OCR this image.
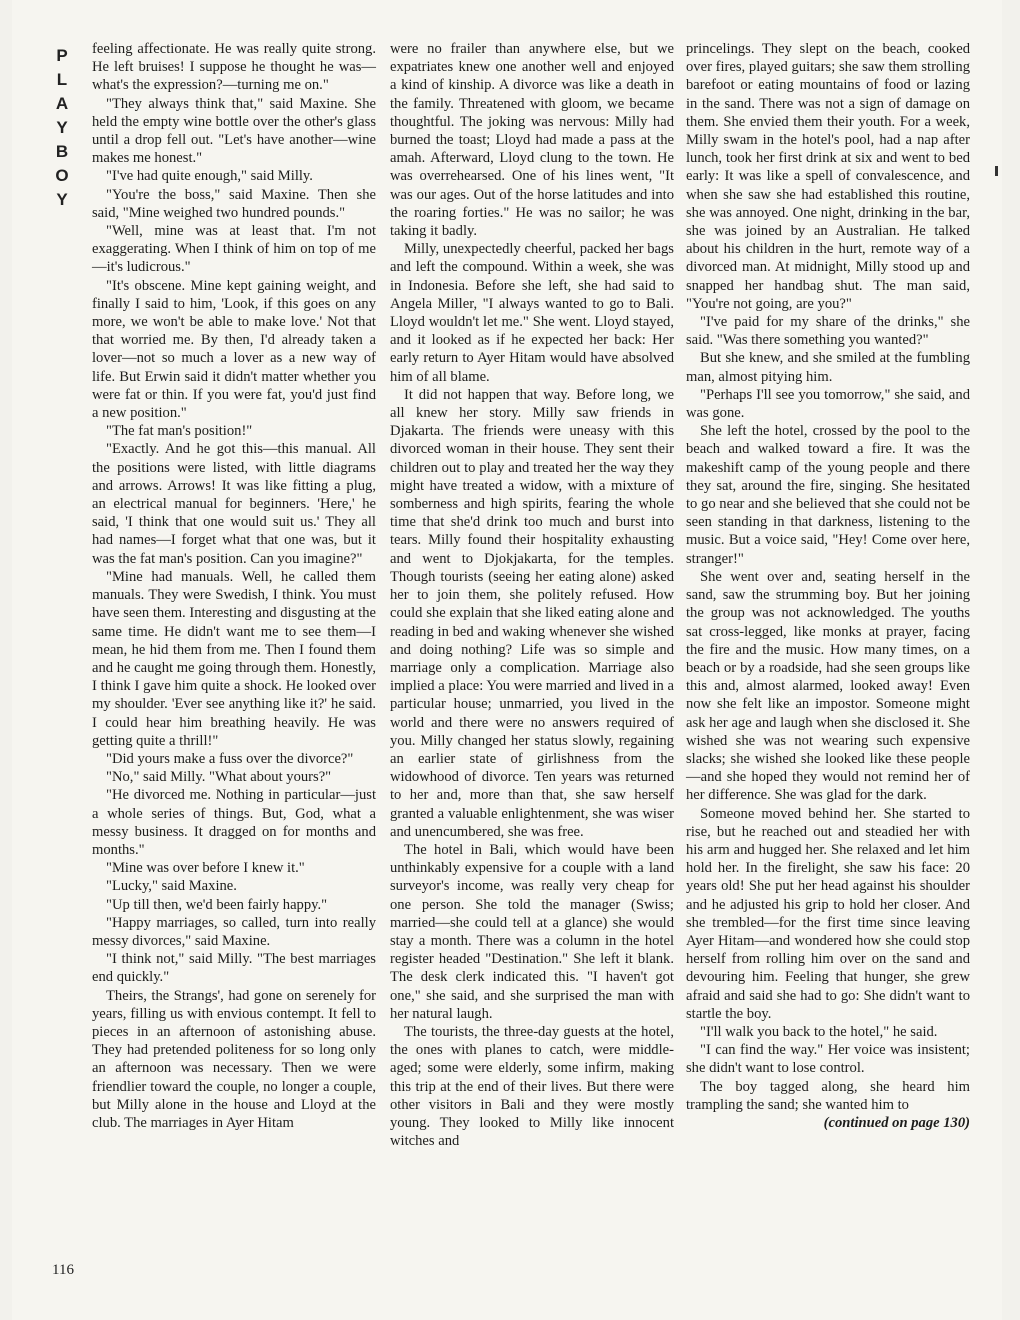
P
L
A
Y
B
O
Y

feeling affectionate. He was really quite strong. He left bruises! I suppose he thought he was—what's the expression?—turning me on."

"They always think that," said Maxine. She held the empty wine bottle over the other's glass until a drop fell out. "Let's have another—wine makes me honest."

"I've had quite enough," said Milly.

"You're the boss," said Maxine. Then she said, "Mine weighed two hundred pounds."

"Well, mine was at least that. I'm not exaggerating. When I think of him on top of me—it's ludicrous."

"It's obscene. Mine kept gaining weight, and finally I said to him, 'Look, if this goes on any more, we won't be able to make love.' Not that that worried me. By then, I'd already taken a lover—not so much a lover as a new way of life. But Erwin said it didn't matter whether you were fat or thin. If you were fat, you'd just find a new position."

"The fat man's position!"

"Exactly. And he got this—this manual. All the positions were listed, with little diagrams and arrows. Arrows! It was like fitting a plug, an electrical manual for beginners. 'Here,' he said, 'I think that one would suit us.' They all had names—I forget what that one was, but it was the fat man's position. Can you imagine?"

"Mine had manuals. Well, he called them manuals. They were Swedish, I think. You must have seen them. Interesting and disgusting at the same time. He didn't want me to see them—I mean, he hid them from me. Then I found them and he caught me going through them. Honestly, I think I gave him quite a shock. He looked over my shoulder. 'Ever see anything like it?' he said. I could hear him breathing heavily. He was getting quite a thrill!"

"Did yours make a fuss over the divorce?"

"No," said Milly. "What about yours?"

"He divorced me. Nothing in particular—just a whole series of things. But, God, what a messy business. It dragged on for months and months."

"Mine was over before I knew it."

"Lucky," said Maxine.

"Up till then, we'd been fairly happy."

"Happy marriages, so called, turn into really messy divorces," said Maxine.

"I think not," said Milly. "The best marriages end quickly."

Theirs, the Strangs', had gone on serenely for years, filling us with envious contempt. It fell to pieces in an afternoon of astonishing abuse. They had pretended politeness for so long only an afternoon was necessary. Then we were friendlier toward the couple, no longer a couple, but Milly alone in the house and Lloyd at the club. The marriages in Ayer Hitam

were no frailer than anywhere else, but we expatriates knew one another well and enjoyed a kind of kinship. A divorce was like a death in the family. Threatened with gloom, we became thoughtful. The joking was nervous: Milly had burned the toast; Lloyd had made a pass at the amah. Afterward, Lloyd clung to the town. He was overrehearsed. One of his lines went, "It was our ages. Out of the horse latitudes and into the roaring forties." He was no sailor; he was taking it badly.

Milly, unexpectedly cheerful, packed her bags and left the compound. Within a week, she was in Indonesia. Before she left, she had said to Angela Miller, "I always wanted to go to Bali. Lloyd wouldn't let me." She went. Lloyd stayed, and it looked as if he expected her back: Her early return to Ayer Hitam would have absolved him of all blame.

It did not happen that way. Before long, we all knew her story. Milly saw friends in Djakarta. The friends were uneasy with this divorced woman in their house. They sent their children out to play and treated her the way they might have treated a widow, with a mixture of somberness and high spirits, fearing the whole time that she'd drink too much and burst into tears. Milly found their hospitality exhausting and went to Djokjakarta, for the temples. Though tourists (seeing her eating alone) asked her to join them, she politely refused. How could she explain that she liked eating alone and reading in bed and waking whenever she wished and doing nothing? Life was so simple and marriage only a complication. Marriage also implied a place: You were married and lived in a particular house; unmarried, you lived in the world and there were no answers required of you. Milly changed her status slowly, regaining an earlier state of girlishness from the widowhood of divorce. Ten years was returned to her and, more than that, she saw herself granted a valuable enlightenment, she was wiser and unencumbered, she was free.

The hotel in Bali, which would have been unthinkably expensive for a couple with a land surveyor's income, was really very cheap for one person. She told the manager (Swiss; married—she could tell at a glance) she would stay a month. There was a column in the hotel register headed "Destination." She left it blank. The desk clerk indicated this. "I haven't got one," she said, and she surprised the man with her natural laugh.

The tourists, the three-day guests at the hotel, the ones with planes to catch, were middle-aged; some were elderly, some infirm, making this trip at the end of their lives. But there were other visitors in Bali and they were mostly young. They looked to Milly like innocent witches and

princelings. They slept on the beach, cooked over fires, played guitars; she saw them strolling barefoot or eating mountains of food or lazing in the sand. There was not a sign of damage on them. She envied them their youth. For a week, Milly swam in the hotel's pool, had a nap after lunch, took her first drink at six and went to bed early: It was like a spell of convalescence, and when she saw she had established this routine, she was annoyed. One night, drinking in the bar, she was joined by an Australian. He talked about his children in the hurt, remote way of a divorced man. At midnight, Milly stood up and snapped her handbag shut. The man said, "You're not going, are you?"

"I've paid for my share of the drinks," she said. "Was there something you wanted?"

But she knew, and she smiled at the fumbling man, almost pitying him.

"Perhaps I'll see you tomorrow," she said, and was gone.

She left the hotel, crossed by the pool to the beach and walked toward a fire. It was the makeshift camp of the young people and there they sat, around the fire, singing. She hesitated to go near and she believed that she could not be seen standing in that darkness, listening to the music. But a voice said, "Hey! Come over here, stranger!"

She went over and, seating herself in the sand, saw the strumming boy. But her joining the group was not acknowledged. The youths sat cross-legged, like monks at prayer, facing the fire and the music. How many times, on a beach or by a roadside, had she seen groups like this and, almost alarmed, looked away! Even now she felt like an impostor. Someone might ask her age and laugh when she disclosed it. She wished she was not wearing such expensive slacks; she wished she looked like these people—and she hoped they would not remind her of her difference. She was glad for the dark.

Someone moved behind her. She started to rise, but he reached out and steadied her with his arm and hugged her. She relaxed and let him hold her. In the firelight, she saw his face: 20 years old! She put her head against his shoulder and he adjusted his grip to hold her closer. And she trembled—for the first time since leaving Ayer Hitam—and wondered how she could stop herself from rolling him over on the sand and devouring him. Feeling that hunger, she grew afraid and said she had to go: She didn't want to startle the boy.

"I'll walk you back to the hotel," he said.

"I can find the way." Her voice was insistent; she didn't want to lose control.

The boy tagged along, she heard him trampling the sand; she wanted him to

(continued on page 130)

116
